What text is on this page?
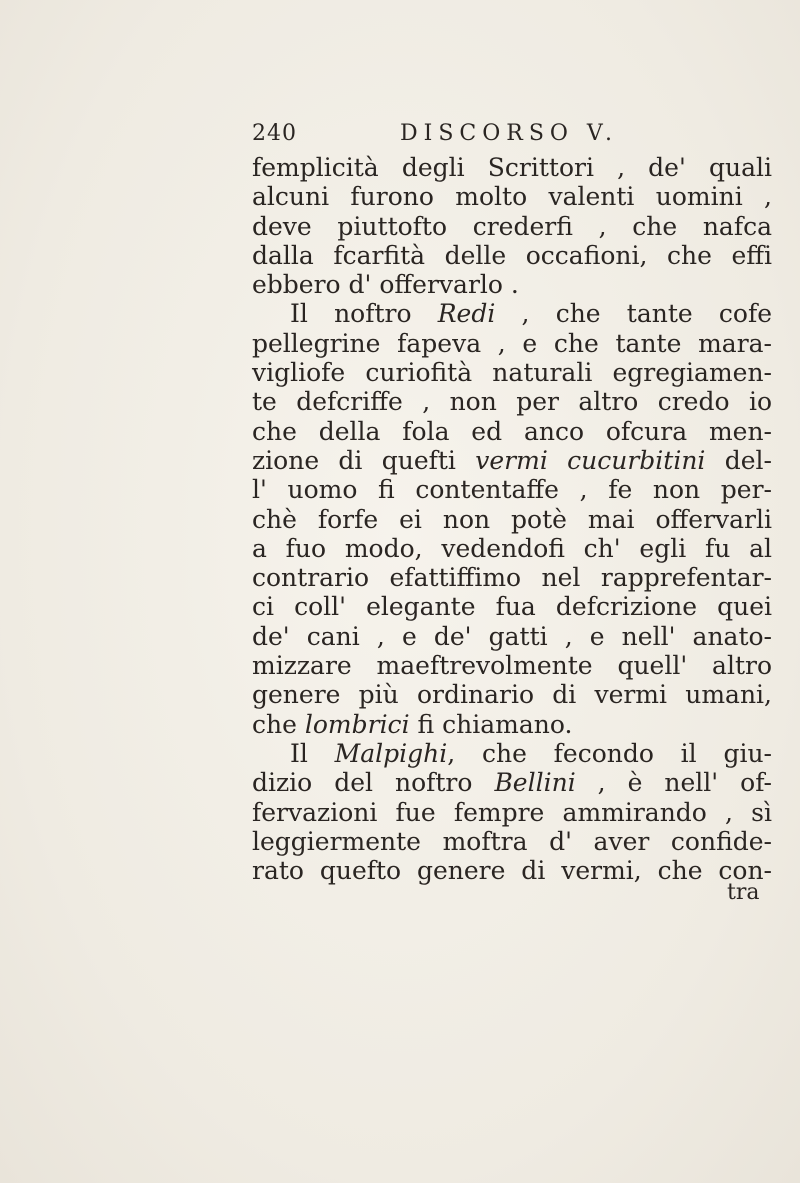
240	DISCORSO V.
femplicità degli Scrittori , de' quali
alcuni furono molto valenti uomini ,
deve piuttofto crederfi , che nafca
dalla fcarfità delle occafioni, che effi
ebbero d' offervarlo .
Il noftro Redi , che tante cofe
pellegrine fapeva , e che tante mara-
vigliofe curiofità naturali egregiamen-
te defcriffe , non per altro credo io
che della fola ed anco ofcura men-
zione di quefti vermi cucurbitini del-
l' uomo fi contentaffe , fe non per-
chè forfe ei non potè mai offervarli
a fuo modo, vedendofi ch' egli fu al
contrario efattiffimo nel rapprefentar-
ci coll' elegante fua defcrizione quei
de' cani , e de' gatti , e nell' anato-
mizzare maeftrevolmente quell' altro
genere più ordinario di vermi umani,
che lombrici fi chiamano.
Il Malpighi, che fecondo il giu-
dizio del noftro Bellini , è nell' of-
fervazioni fue fempre ammirando , sì
leggiermente moftra d' aver confide-
rato quefto genere di vermi, che con-
tra
